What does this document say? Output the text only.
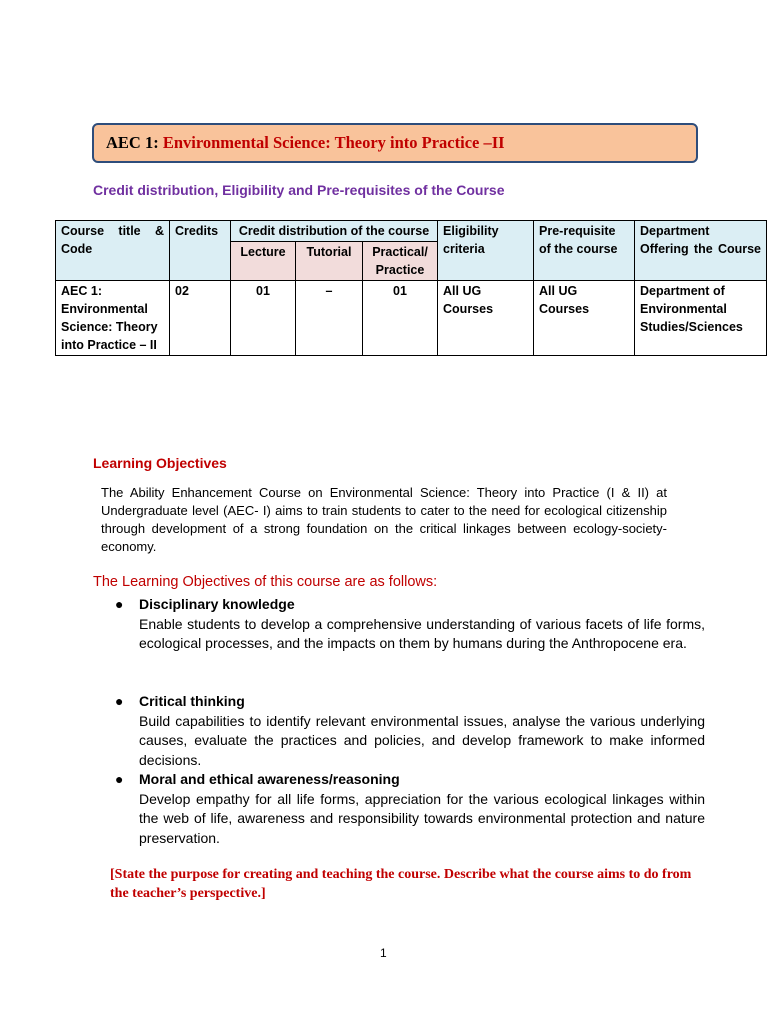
AEC 1: Environmental Science: Theory into Practice –II
Credit distribution, Eligibility and Pre-requisites of the Course
Course title & Code	Credits	Credit distribution of the course			Eligibility criteria	Pre-requisite of the course	Department Offering the Course
		Lecture	Tutorial	Practical/ Practice			
AEC 1: Environmental Science: Theory into Practice – II	02	01	–	01	All UG Courses	All UG Courses	Department of Environmental Studies/Sciences
Learning Objectives
The Ability Enhancement Course on Environmental Science: Theory into Practice (I & II) at Undergraduate level (AEC- I) aims to train students to cater to the need for ecological citizenship through development of a strong foundation on the critical linkages between ecology-society-economy.
The Learning Objectives of this course are as follows:
● Disciplinary knowledge
Enable students to develop a comprehensive understanding of various facets of life forms, ecological processes, and the impacts on them by humans during the Anthropocene era.
● Critical thinking
Build capabilities to identify relevant environmental issues, analyse the various underlying causes, evaluate the practices and policies, and develop framework to make informed decisions.
● Moral and ethical awareness/reasoning
Develop empathy for all life forms, appreciation for the various ecological linkages within the web of life, awareness and responsibility towards environmental protection and nature preservation.
[State the purpose for creating and teaching the course. Describe what the course aims to do from the teacher’s perspective.]
1
